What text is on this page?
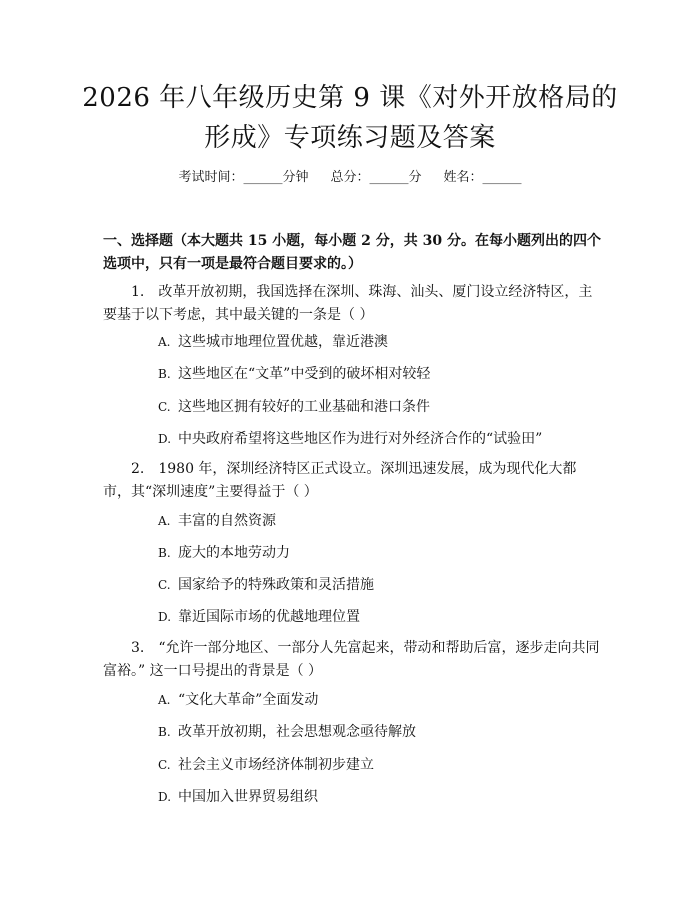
2026 年八年级历史第 9 课《对外开放格局的
形成》专项练习题及答案
考试时间：______分钟 总分：______分 姓名：______
一、选择题（本大题共 15 小题，每小题 2 分，共 30 分。在每小题列出的四个选项中，只有一项是最符合题目要求的。）
1.　改革开放初期，我国选择在深圳、珠海、汕头、厦门设立经济特区，主要基于以下考虑，其中最关键的一条是（ ）
A. 这些城市地理位置优越，靠近港澳
B. 这些地区在“文革”中受到的破坏相对较轻
C. 这些地区拥有较好的工业基础和港口条件
D. 中央政府希望将这些地区作为进行对外经济合作的“试验田”
2.　1980 年，深圳经济特区正式设立。深圳迅速发展，成为现代化大都市，其“深圳速度”主要得益于（ ）
A. 丰富的自然资源
B. 庞大的本地劳动力
C. 国家给予的特殊政策和灵活措施
D. 靠近国际市场的优越地理位置
3.　“允许一部分地区、一部分人先富起来，带动和帮助后富，逐步走向共同富裕。” 这一口号提出的背景是（ ）
A. “文化大革命”全面发动
B. 改革开放初期，社会思想观念亟待解放
C. 社会主义市场经济体制初步建立
D. 中国加入世界贸易组织
